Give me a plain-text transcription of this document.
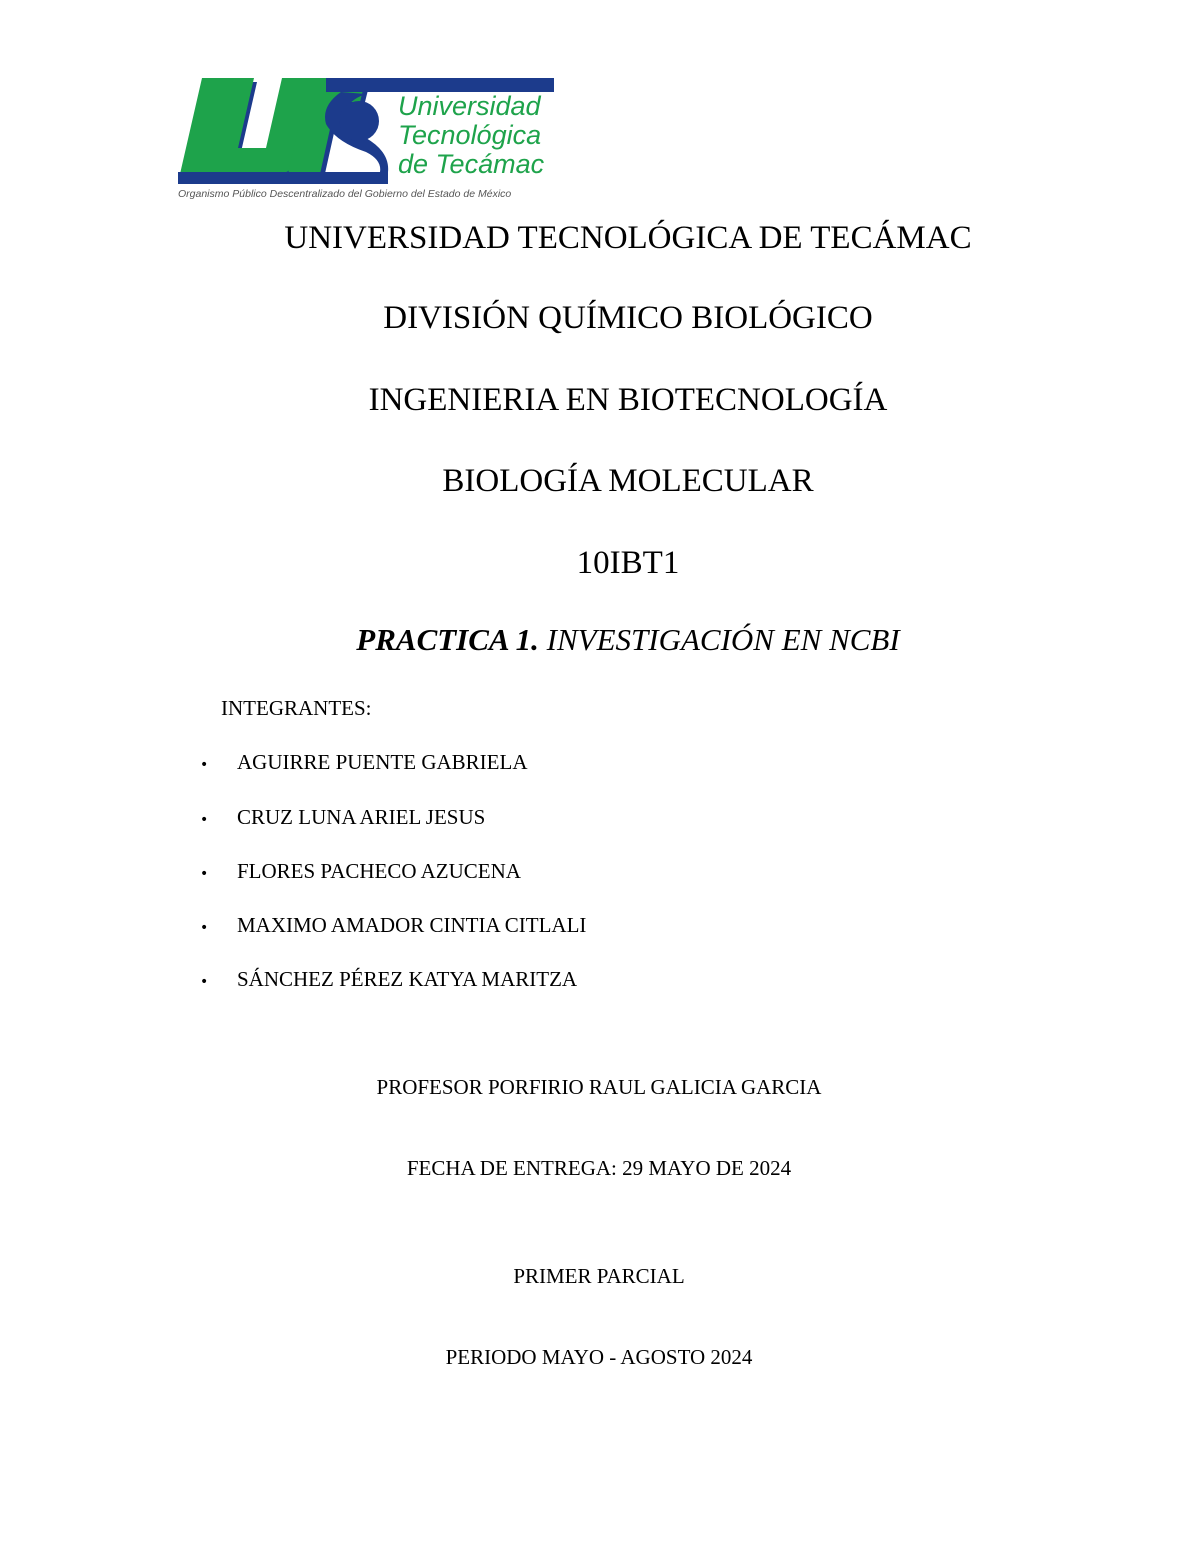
Universidad
Tecnológica
de Tecámac
Organismo Público Descentralizado del Gobierno del Estado de México
UNIVERSIDAD TECNOLÓGICA DE TECÁMAC
DIVISIÓN QUÍMICO BIOLÓGICO
INGENIERIA EN BIOTECNOLOGÍA
BIOLOGÍA MOLECULAR
10IBT1
PRACTICA 1. INVESTIGACIÓN EN NCBI
INTEGRANTES:
• AGUIRRE PUENTE GABRIELA
• CRUZ LUNA ARIEL JESUS
• FLORES PACHECO AZUCENA
• MAXIMO AMADOR CINTIA CITLALI
• SÁNCHEZ PÉREZ KATYA MARITZA
PROFESOR PORFIRIO RAUL GALICIA GARCIA
FECHA DE ENTREGA: 29 MAYO DE 2024
PRIMER PARCIAL
PERIODO MAYO - AGOSTO 2024
